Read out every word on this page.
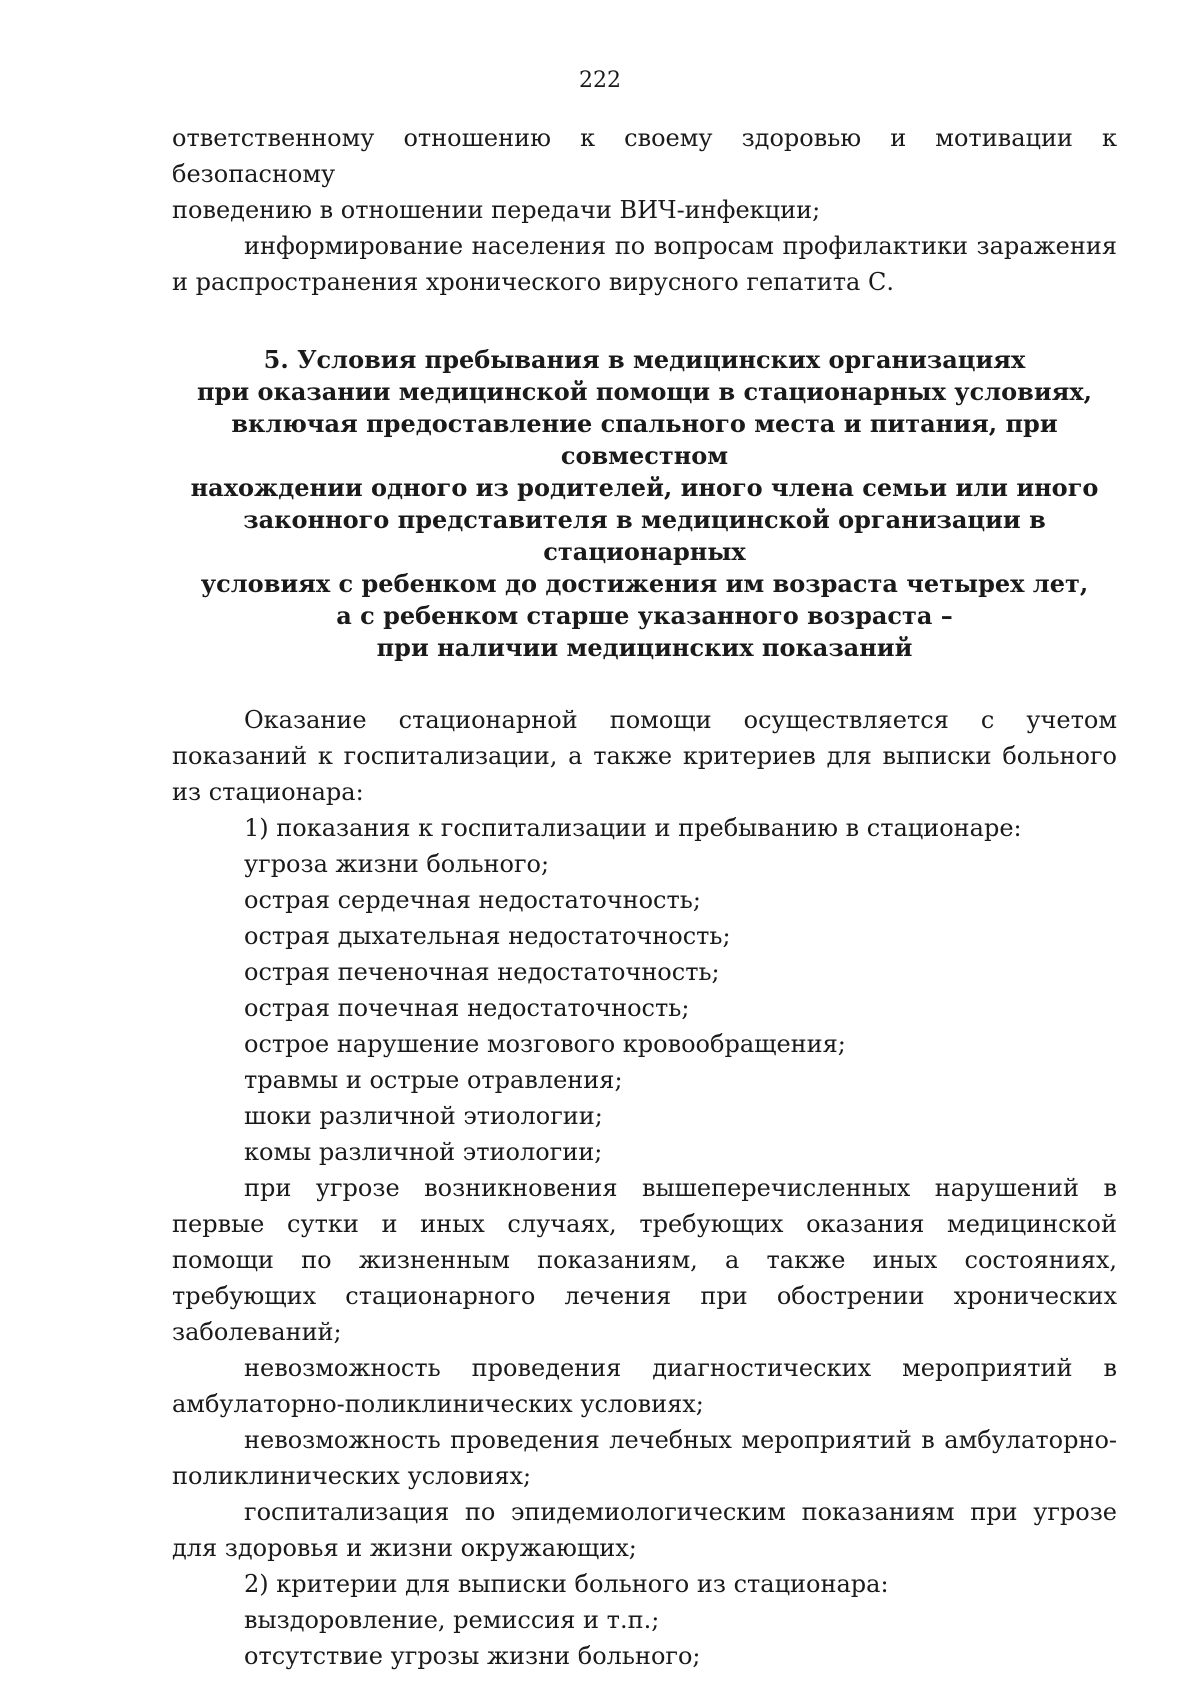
222

ответственному отношению к своему здоровью и мотивации к безопасному

поведению в отношении передачи ВИЧ-инфекции;

информирование населения по вопросам профилактики заражения и распространения хронического вирусного гепатита С.

5. Условия пребывания в медицинских организациях
при оказании медицинской помощи в стационарных условиях,
включая предоставление спального места и питания, при совместном
нахождении одного из родителей, иного члена семьи или иного
законного представителя в медицинской организации в стационарных
условиях с ребенком до достижения им возраста четырех лет,
а с ребенком старше указанного возраста –
при наличии медицинских показаний

Оказание стационарной помощи осуществляется с учетом показаний к госпитализации, а также критериев для выписки больного из стационара:

1) показания к госпитализации и пребыванию в стационаре:

угроза жизни больного;

острая сердечная недостаточность;

острая дыхательная недостаточность;

острая печеночная недостаточность;

острая почечная недостаточность;

острое нарушение мозгового кровообращения;

травмы и острые отравления;

шоки различной этиологии;

комы различной этиологии;

при угрозе возникновения вышеперечисленных нарушений в первые сутки и иных случаях, требующих оказания медицинской помощи по жизненным показаниям, а также иных состояниях, требующих стационарного лечения при обострении хронических заболеваний;

невозможность проведения диагностических мероприятий в амбулаторно-поликлинических условиях;

невозможность проведения лечебных мероприятий в амбулаторно-поликлинических условиях;

госпитализация по эпидемиологическим показаниям при угрозе для здоровья и жизни окружающих;

2) критерии для выписки больного из стационара:

выздоровление, ремиссия и т.п.;

отсутствие угрозы жизни больного;
